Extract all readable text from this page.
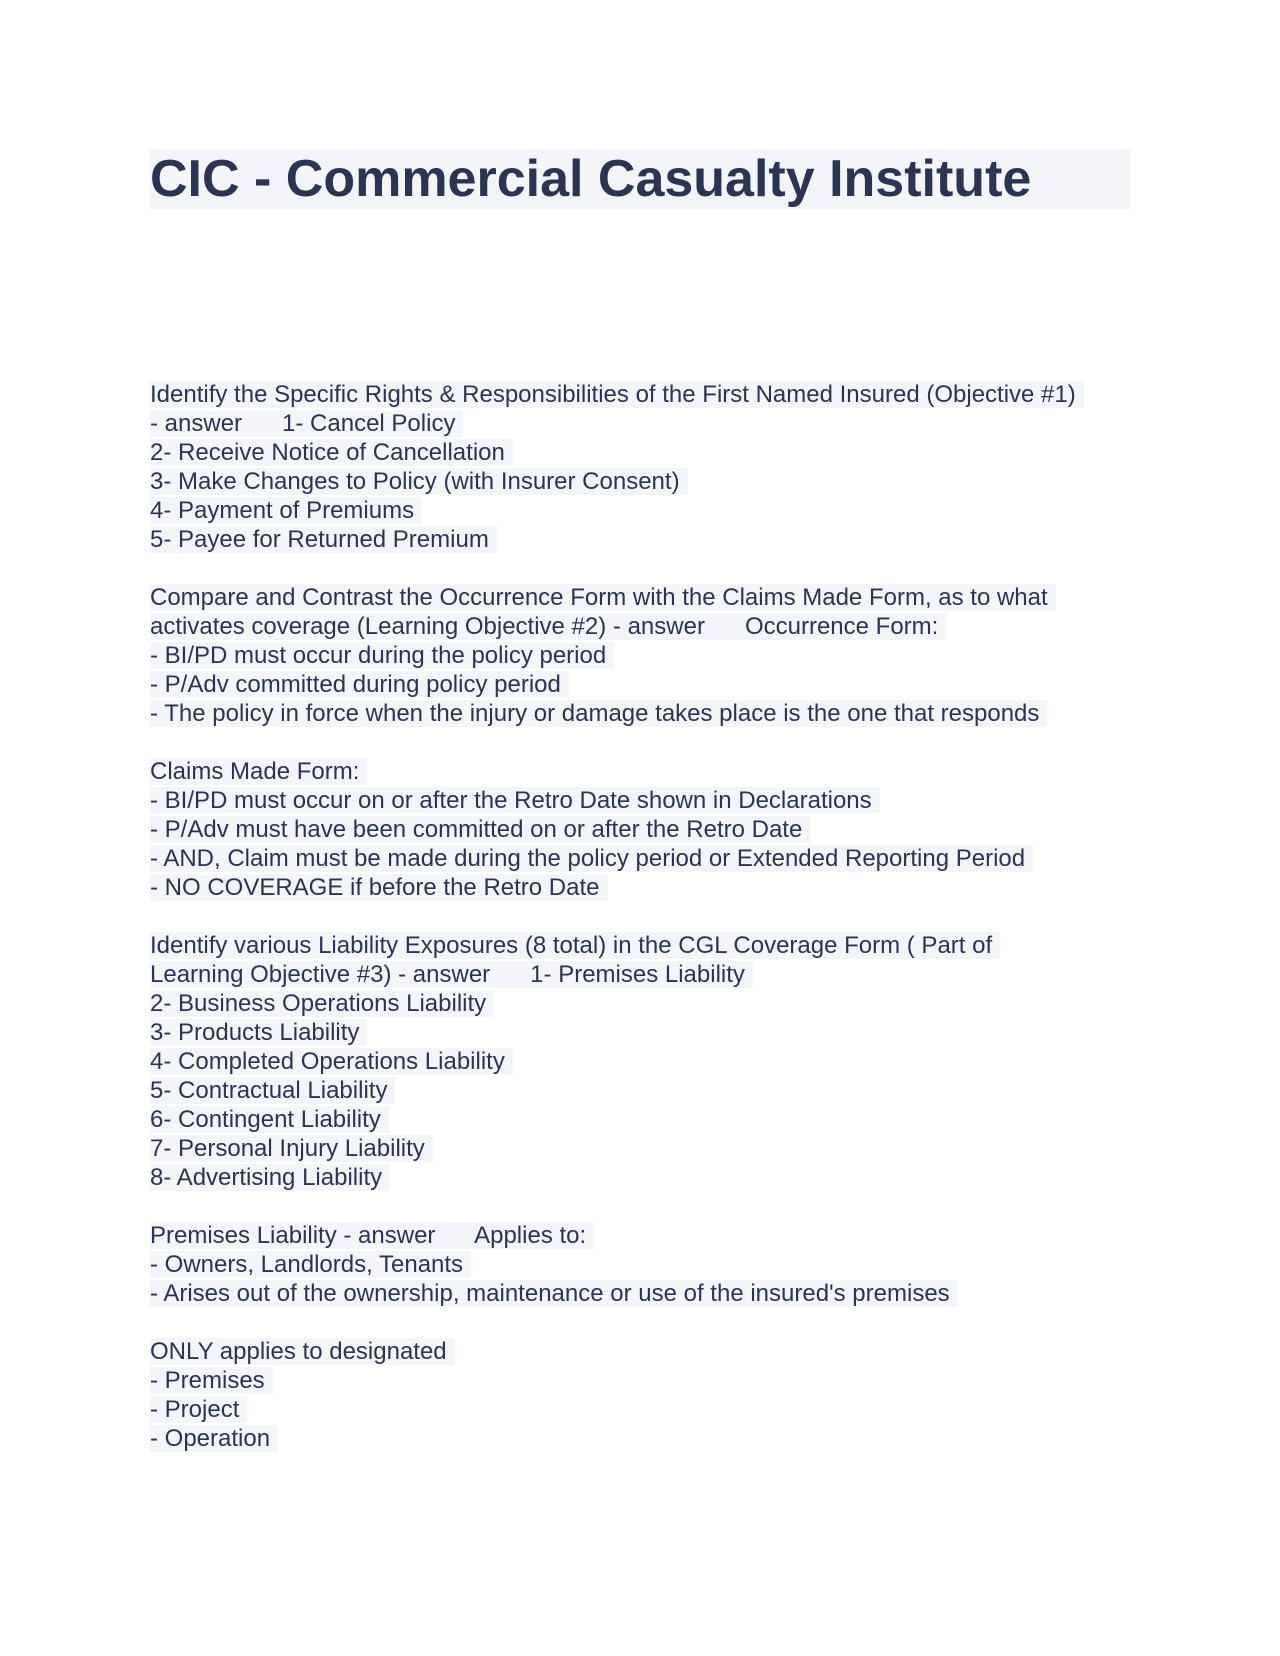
CIC - Commercial Casualty Institute
Identify the Specific Rights & Responsibilities of the First Named Insured (Objective #1)
- answer      1- Cancel Policy
2- Receive Notice of Cancellation
3- Make Changes to Policy (with Insurer Consent)
4- Payment of Premiums
5- Payee for Returned Premium
Compare and Contrast the Occurrence Form with the Claims Made Form, as to what
activates coverage (Learning Objective #2) - answer      Occurrence Form:
- BI/PD must occur during the policy period
- P/Adv committed during policy period
- The policy in force when the injury or damage takes place is the one that responds
Claims Made Form:
- BI/PD must occur on or after the Retro Date shown in Declarations
- P/Adv must have been committed on or after the Retro Date
- AND, Claim must be made during the policy period or Extended Reporting Period
- NO COVERAGE if before the Retro Date
Identify various Liability Exposures (8 total) in the CGL Coverage Form ( Part of
Learning Objective #3) - answer      1- Premises Liability
2- Business Operations Liability
3- Products Liability
4- Completed Operations Liability
5- Contractual Liability
6- Contingent Liability
7- Personal Injury Liability
8- Advertising Liability
Premises Liability - answer      Applies to:
- Owners, Landlords, Tenants
- Arises out of the ownership, maintenance or use of the insured's premises
ONLY applies to designated
- Premises
- Project
- Operation
